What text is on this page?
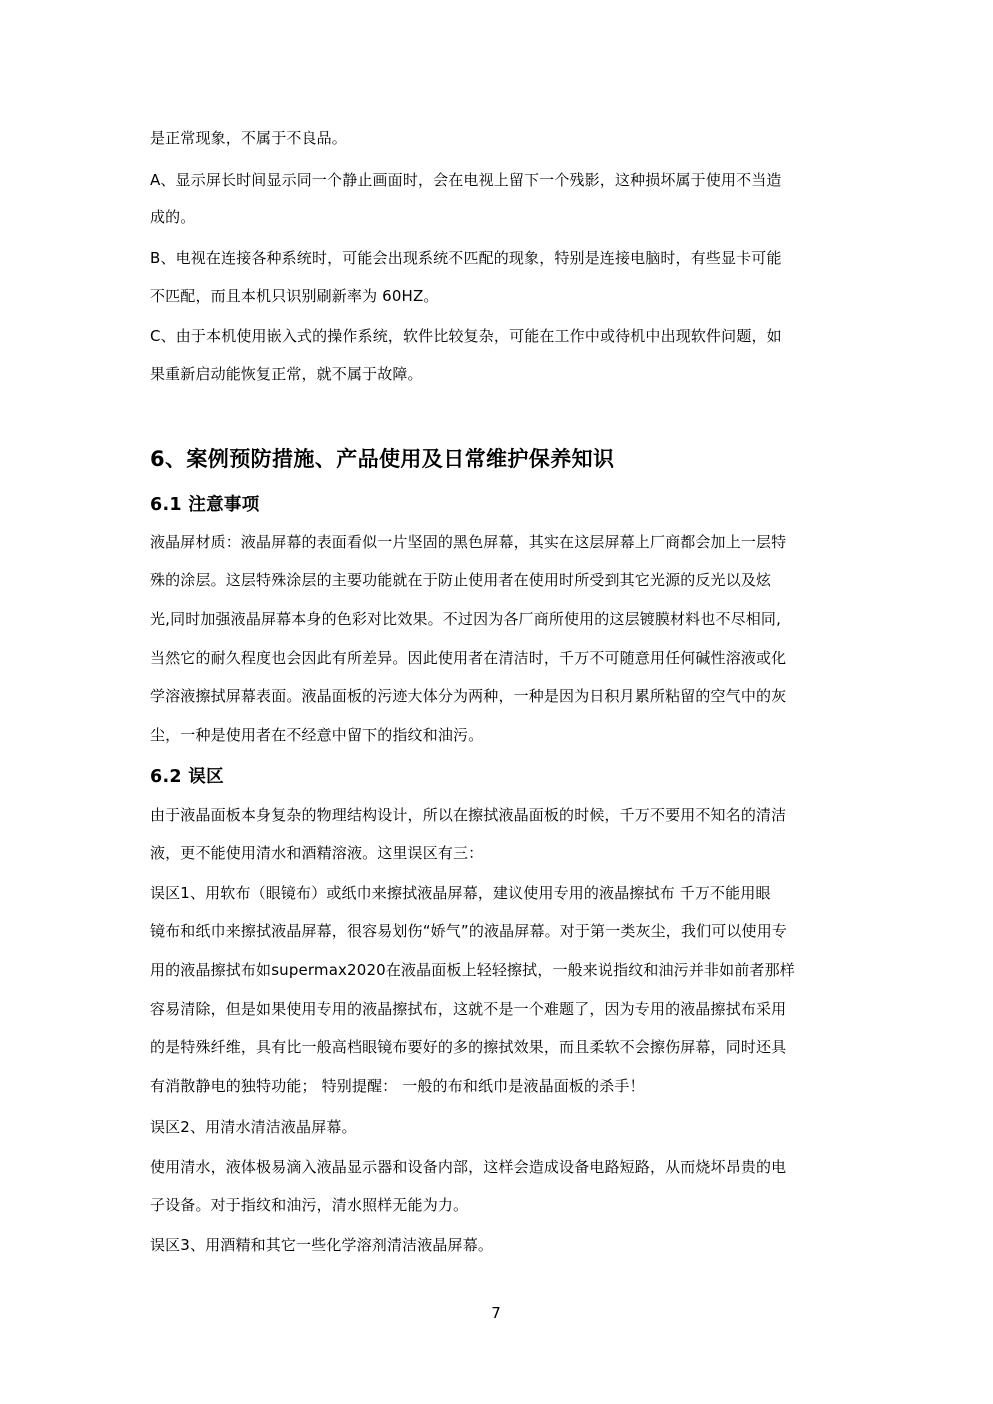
是正常现象，不属于不良品。

A、显示屏长时间显示同一个静止画面时，会在电视上留下一个残影，这种损坏属于使用不当造

成的。

B、电视在连接各种系统时，可能会出现系统不匹配的现象，特别是连接电脑时，有些显卡可能

不匹配，而且本机只识别刷新率为 60HZ。

C、由于本机使用嵌入式的操作系统，软件比较复杂，可能在工作中或待机中出现软件问题，如

果重新启动能恢复正常，就不属于故障。

6、案例预防措施、产品使用及日常维护保养知识
6.1 注意事项

液晶屏材质：液晶屏幕的表面看似一片坚固的黑色屏幕，其实在这层屏幕上厂商都会加上一层特

殊的涂层。这层特殊涂层的主要功能就在于防止使用者在使用时所受到其它光源的反光以及炫

光,同时加强液晶屏幕本身的色彩对比效果。不过因为各厂商所使用的这层镀膜材料也不尽相同,

当然它的耐久程度也会因此有所差异。因此使用者在清洁时，千万不可随意用任何碱性溶液或化

学溶液擦拭屏幕表面。液晶面板的污迹大体分为两种，一种是因为日积月累所粘留的空气中的灰

尘，一种是使用者在不经意中留下的指纹和油污。

6.2 误区

由于液晶面板本身复杂的物理结构设计，所以在擦拭液晶面板的时候，千万不要用不知名的清洁

液，更不能使用清水和酒精溶液。这里误区有三：

误区1、用软布（眼镜布）或纸巾来擦拭液晶屏幕，建议使用专用的液晶擦拭布 千万不能用眼

镜布和纸巾来擦拭液晶屏幕，很容易划伤“娇气”的液晶屏幕。对于第一类灰尘，我们可以使用专

用的液晶擦拭布如supermax2020在液晶面板上轻轻擦拭，一般来说指纹和油污并非如前者那样

容易清除，但是如果使用专用的液晶擦拭布，这就不是一个难题了，因为专用的液晶擦拭布采用

的是特殊纤维，具有比一般高档眼镜布要好的多的擦拭效果，而且柔软不会擦伤屏幕，同时还具

有消散静电的独特功能； 特别提醒： 一般的布和纸巾是液晶面板的杀手！

误区2、用清水清洁液晶屏幕。

使用清水，液体极易滴入液晶显示器和设备内部，这样会造成设备电路短路，从而烧坏昂贵的电

子设备。对于指纹和油污，清水照样无能为力。

误区3、用酒精和其它一些化学溶剂清洁液晶屏幕。

7
